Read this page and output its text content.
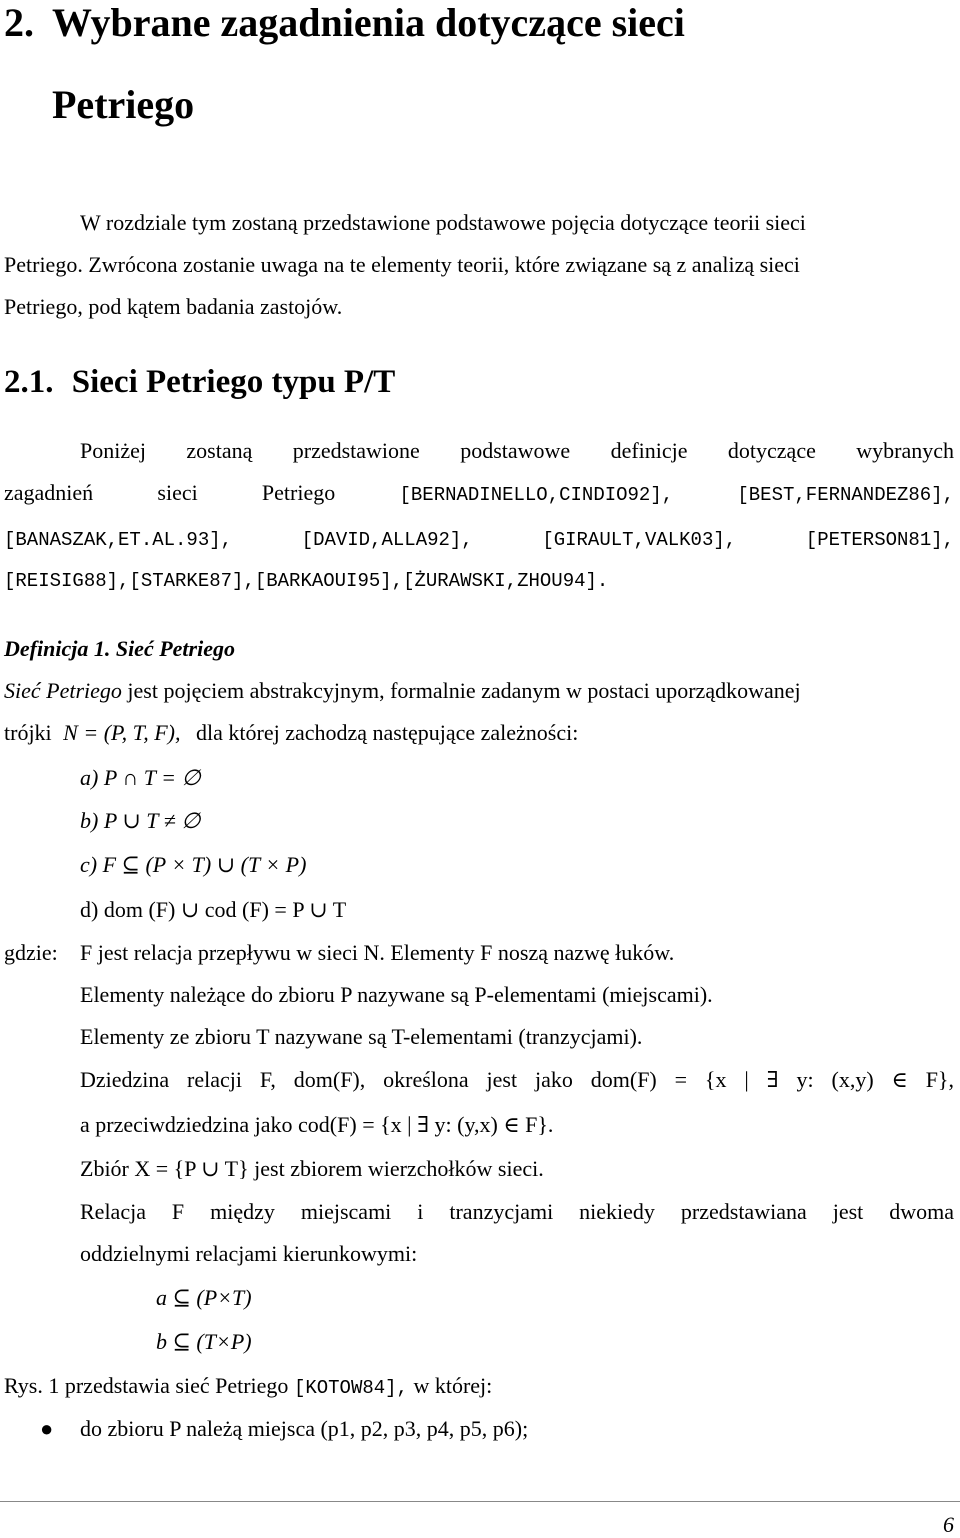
2. Wybrane zagadnienia dotyczące sieci
Petriego
W rozdziale tym zostaną przedstawione podstawowe pojęcia dotyczące teorii sieci
Petriego. Zwrócona zostanie uwaga na te elementy teorii, które związane są z analizą sieci
Petriego, pod kątem badania zastojów.
2.1. Sieci Petriego typu P/T
Poniżej zostaną przedstawione podstawowe definicje dotyczące wybranych
zagadnień sieci Petriego	[BERNADINELLO,CINDIO92],	[BEST,FERNANDEZ86],
[BANASZAK,ET.AL.93],	[DAVID,ALLA92],	[GIRAULT,VALK03],	[PETERSON81],
[REISIG88],[STARKE87],[BARKAOUI95],[ŻURAWSKI,ZHOU94].
Definicja 1. Sieć Petriego
Sieć Petriego jest pojęciem abstrakcyjnym, formalnie zadanym w postaci uporządkowanej
trójki N = (P, T, F), dla której zachodzą następujące zależności:
a) P ∩ T = ∅
b) P ∪ T ≠ ∅
c) F ⊆ (P × T) ∪ (T × P)
d) dom (F) ∪ cod (F) = P ∪ T
gdzie: F jest relacja przepływu w sieci N. Elementy F noszą nazwę łuków.
Elementy należące do zbioru P nazywane są P-elementami (miejscami).
Elementy ze zbioru T nazywane są T-elementami (tranzycjami).
Dziedzina relacji F, dom(F), określona jest jako dom(F) = {x | ∃ y: (x,y) ∈ F},
a przeciwdziedzina jako cod(F) = {x | ∃ y: (y,x) ∈ F}.
Zbiór X = {P ∪ T} jest zbiorem wierzchołków sieci.
Relacja F między miejscami i tranzycjami niekiedy przedstawiana jest dwoma
oddzielnymi relacjami kierunkowymi:
a ⊆ (P×T)
b ⊆ (T×P)
Rys. 1 przedstawia sieć Petriego [KOTOW84], w której:
● do zbioru P należą miejsca (p1, p2, p3, p4, p5, p6);
6
